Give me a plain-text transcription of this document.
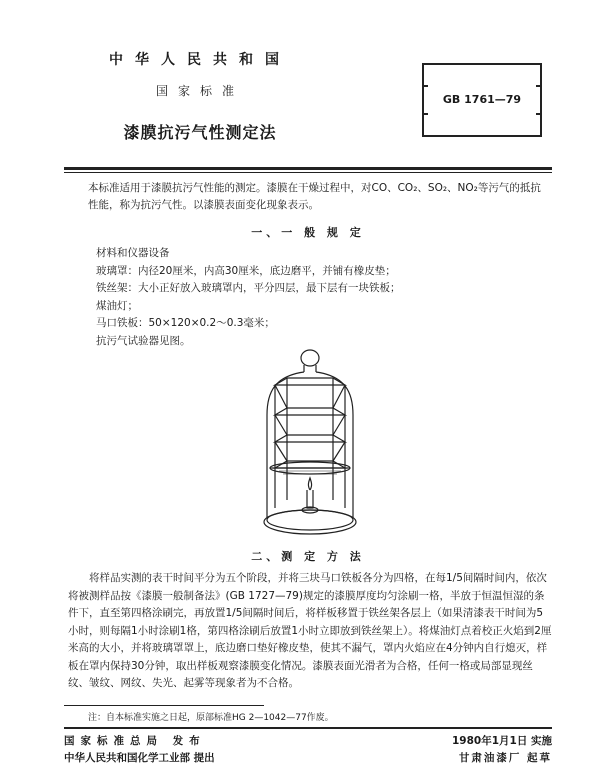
中华人民共和国
国家标准
漆膜抗污气性测定法
GB 1761—79
本标准适用于漆膜抗污气性能的测定。漆膜在干燥过程中，对CO、CO₂、SO₂、NO₂等污气的抵抗性能，称为抗污气性。以漆膜表面变化现象表示。
一、一 般 规 定
材料和仪器设备
玻璃罩：内径20厘米，内高30厘米，底边磨平，并铺有橡皮垫；
铁丝架：大小正好放入玻璃罩内，平分四层，最下层有一块铁板；
煤油灯；
马口铁板：50×120×0.2～0.3毫米；
抗污气试验器见图。
二、测 定 方 法
将样品实测的表干时间平分为五个阶段，并将三块马口铁板各分为四格，在每1/5间隔时间内，依次将被测样品按《漆膜一般制备法》(GB 1727—79)规定的漆膜厚度均匀涂刷一格，半放于恒温恒湿的条件下，直至第四格涂刷完，再放置1/5间隔时间后，将样板移置于铁丝架各层上（如果清漆表干时间为5小时，则每隔1小时涂刷1格，第四格涂刷后放置1小时立即放到铁丝架上）。将煤油灯点着校正火焰到2厘米高的大小，并将玻璃罩罩上，底边磨口垫好橡皮垫，使其不漏气，罩内火焰应在4分钟内自行熄灭，样板在罩内保持30分钟，取出样板观察漆膜变化情况。漆膜表面光滑者为合格，任何一格或局部显现丝纹、皱纹、网纹、失光、起雾等现象者为不合格。
注：自本标准实施之日起，原部标准HG 2—1042—77作废。
国家标准总局 发布
中华人民共和国化学工业部 提出
1980年1月1日 实施
甘肃油漆厂 起草
